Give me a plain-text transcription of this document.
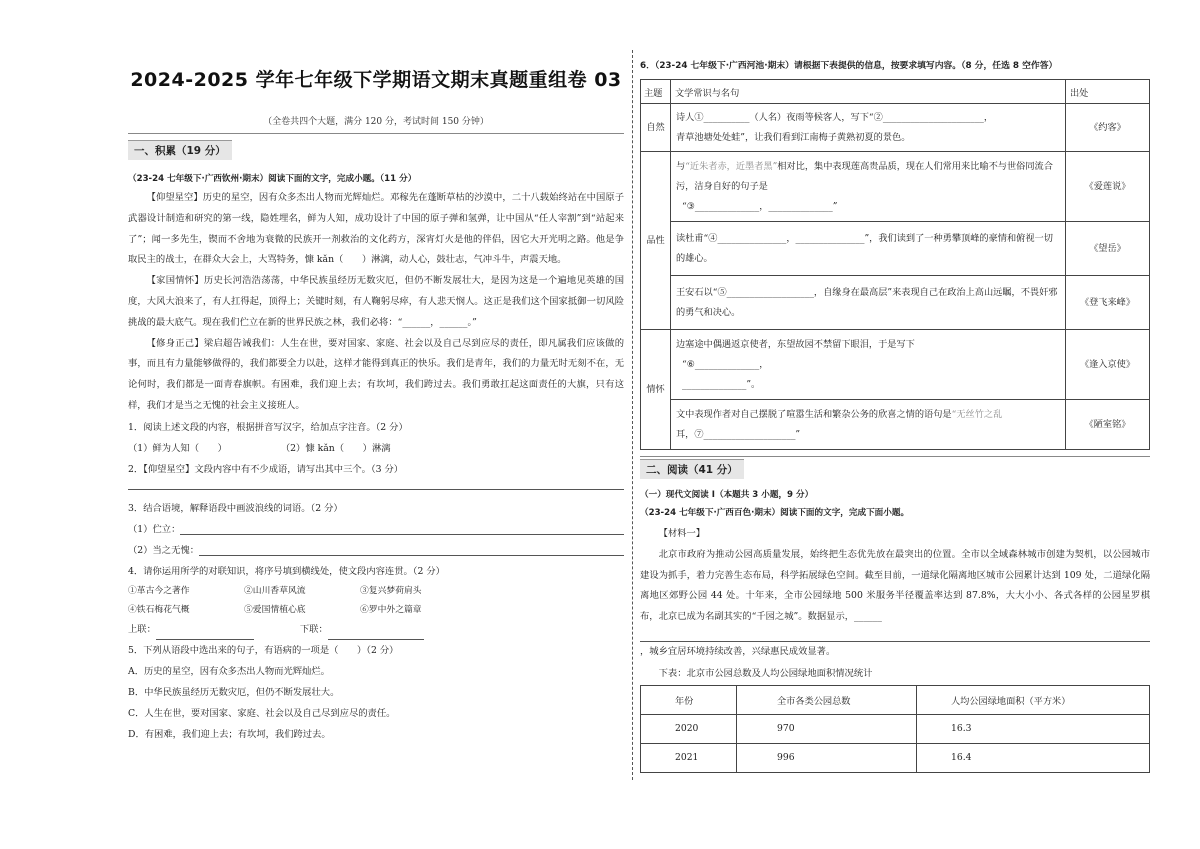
2024-2025 学年七年级下学期语文期末真题重组卷 03
（全卷共四个大题，满分 120 分，考试时间 150 分钟）
一、积累（19 分）
（23-24 七年级下·广西钦州·期末）阅读下面的文字，完成小题。（11 分）

【仰望星空】历史的星空，因有众多杰出人物而光辉灿烂。邓稼先在蓬断草枯的沙漠中，二十八载始终站在中国原子武器设计制造和研究的第一线，隐姓埋名，鲜为人知，成功设计了中国的原子弹和氢弹，让中国从“任人宰割”到“站起来了”；闻一多先生，锲而不舍地为衰微的民族开一剂救治的文化药方，深宵灯火是他的伴侣，因它大开光明之路。他是争取民主的战士，在群众大会上，大骂特务，慷 kǎn（　　）淋漓，动人心，鼓壮志，气冲斗牛，声震天地。

【家国情怀】历史长河浩浩荡荡，中华民族虽经历无数灾厄，但仍不断发展壮大，是因为这是一个遍地见英雄的国度，大风大浪来了，有人扛得起，顶得上；关键时刻，有人鞠躬尽瘁，有人悲天悯人。这正是我们这个国家抵御一切风险挑战的最大底气。现在我们伫立在新的世界民族之林，我们必将：“______，______。”

【修身正己】梁启超告诫我们：人生在世，要对国家、家庭、社会以及自己尽到应尽的责任，即凡属我们应该做的事，而且有力量能够做得的，我们都要全力以赴，这样才能得到真正的快乐。我们是青年，我们的力量无时无刻不在，无论何时，我们都是一面青春旗帜。有困难，我们迎上去；有坎坷，我们跨过去。我们勇敢扛起这面责任的大旗，只有这样，我们才是当之无愧的社会主义接班人。

1．阅读上述文段的内容，根据拼音写汉字，给加点字注音。（2 分）
（1）鲜为人知（　　）	（2）慷 kǎn（　　）淋漓
2．【仰望星空】文段内容中有不少成语，请写出其中三个。（3 分）
3．结合语境，解释语段中画波浪线的词语。（2 分）
（1）伫立：
（2）当之无愧：
4．请你运用所学的对联知识，将序号填到横线处，使文段内容连贯。（2 分）
①革古今之著作	②山川香草风流	③复兴梦荷肩头
④铁石梅花气概	⑤爱国情植心底	⑥罗中外之篇章
上联：	下联：
5．下列从语段中选出来的句子，有语病的一项是（　　）（2 分）
A．历史的星空，因有众多杰出人物而光辉灿烂。
B．中华民族虽经历无数灾厄，但仍不断发展壮大。
C．人生在世，要对国家、家庭、社会以及自己尽到应尽的责任。
D．有困难，我们迎上去；有坎坷，我们跨过去。
6．（23-24 七年级下·广西河池·期末）请根据下表提供的信息，按要求填写内容。（8 分，任选 8 空作答）
主题	文学常识与名句	出处
自然	诗人①__________（人名）夜雨等候客人，写下“②______________________，
青草池塘处处蛙”，让我们看到江南梅子黄熟初夏的景色。	《约客》
品性	与“近朱者赤，近墨者黑”相对比，集中表现莲高贵品质，现在人们常用来比喻不与世俗同流合污，洁身自好的句子是
“③______________，______________”	《爱莲说》
	读杜甫“④_______________，_______________”，我们读到了一种勇攀顶峰的豪情和俯视一切的雄心。	《望岳》
	王安石以“⑤___________________，自缘身在最高层”来表现自己在政治上高山远瞩，不畏奸邪的勇气和决心。	《登飞来峰》
情怀	边塞途中偶遇返京使者，东望故园不禁留下眼泪，于是写下
“⑥______________，
______________”。	《逢入京使》
	文中表现作者对自己摆脱了喧嚣生活和繁杂公务的欣喜之情的语句是“无丝竹之乱
耳，⑦____________________”	《陋室铭》
二、阅读（41 分）
（一）现代文阅读 I（本题共 3 小题，9 分）
（23-24 七年级下·广西百色·期末）阅读下面的文字，完成下面小题。
【材料一】

北京市政府为推动公园高质量发展，始终把生态优先放在最突出的位置。全市以全域森林城市创建为契机，以公园城市建设为抓手，着力完善生态布局，科学拓展绿色空间。截至目前，一道绿化隔离地区城市公园累计达到 109 处，二道绿化隔离地区郊野公园 44 处。十年来，全市公园绿地 500 米服务半径覆盖率达到 87.8%，大大小小、各式各样的公园星罗棋布，北京已成为名副其实的“千园之城”。数据显示，______

，城乡宜居环境持续改善，兴绿惠民成效显著。
下表：北京市公园总数及人均公园绿地面积情况统计
年份	全市各类公园总数	人均公园绿地面积（平方米）
2020	970	16.3
2021	996	16.4
